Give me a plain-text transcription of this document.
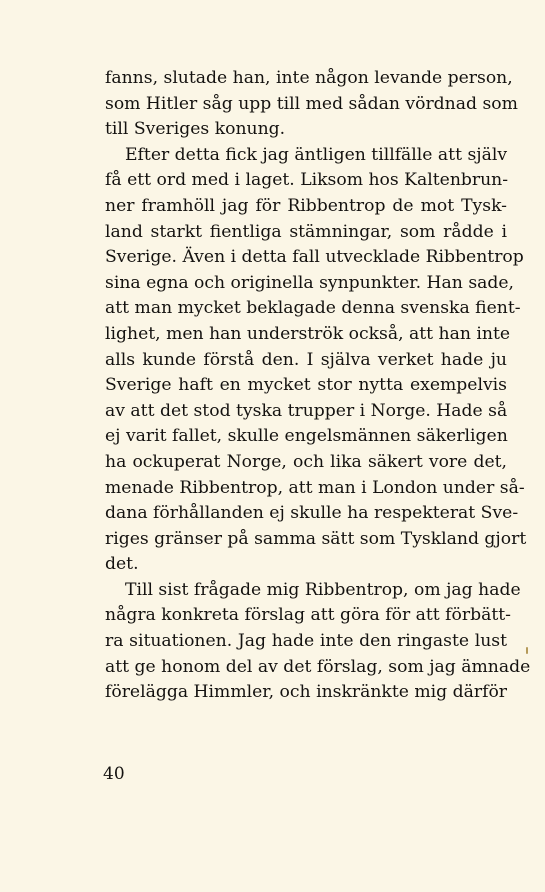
fanns, slutade han, inte någon levande person,
som Hitler såg upp till med sådan vördnad som
till Sveriges konung.
Efter detta fick jag äntligen tillfälle att själv
få ett ord med i laget. Liksom hos Kaltenbrun-
ner framhöll jag för Ribbentrop de mot Tysk-
land starkt fientliga stämningar, som rådde i
Sverige. Även i detta fall utvecklade Ribbentrop
sina egna och originella synpunkter. Han sade,
att man mycket beklagade denna svenska fient-
lighet, men han underströk också, att han inte
alls kunde förstå den. I själva verket hade ju
Sverige haft en mycket stor nytta exempelvis
av att det stod tyska trupper i Norge. Hade så
ej varit fallet, skulle engelsmännen säkerligen
ha ockuperat Norge, och lika säkert vore det,
menade Ribbentrop, att man i London under så-
dana förhållanden ej skulle ha respekterat Sve-
riges gränser på samma sätt som Tyskland gjort
det.
Till sist frågade mig Ribbentrop, om jag hade
några konkreta förslag att göra för att förbätt-
ra situationen. Jag hade inte den ringaste lust
att ge honom del av det förslag, som jag ämnade
förelägga Himmler, och inskränkte mig därför
40
